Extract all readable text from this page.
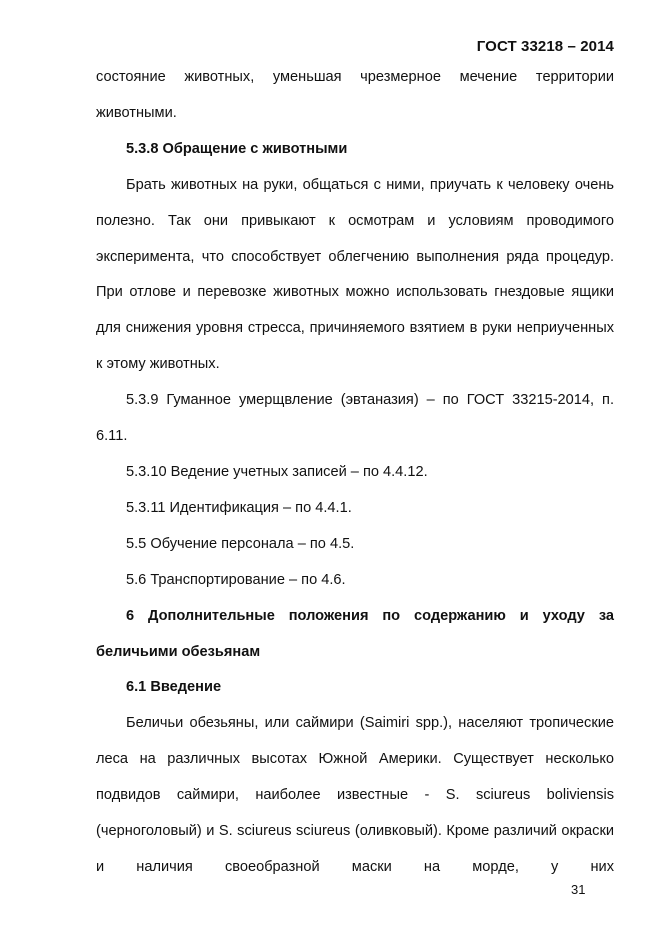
ГОСТ 33218 – 2014

состояние животных, уменьшая чрезмерное мечение территории животными.

5.3.8 Обращение с животными

Брать животных на руки, общаться с ними, приучать к человеку очень полезно. Так они привыкают к осмотрам и условиям проводимого эксперимента, что способствует облегчению выполнения ряда процедур. При отлове и перевозке животных можно использовать гнездовые ящики для снижения уровня стресса, причиняемого взятием в руки неприученных к этому животных.

5.3.9 Гуманное умерщвление (эвтаназия) – по ГОСТ 33215-2014, п. 6.11.

5.3.10 Ведение учетных записей – по 4.4.12.

5.3.11 Идентификация – по 4.4.1.

5.5 Обучение персонала – по 4.5.

5.6 Транспортирование – по 4.6.

6 Дополнительные положения по содержанию и уходу за беличьими обезьянам

6.1 Введение

Беличьи обезьяны, или саймири (Saimiri spp.), населяют тропические леса на различных высотах Южной Америки. Существует несколько подвидов саймири, наиболее известные - S. sciureus boliviensis (черноголовый) и S. sciureus sciureus (оливковый). Кроме различий окраски и наличия своеобразной маски на морде, у них

31
